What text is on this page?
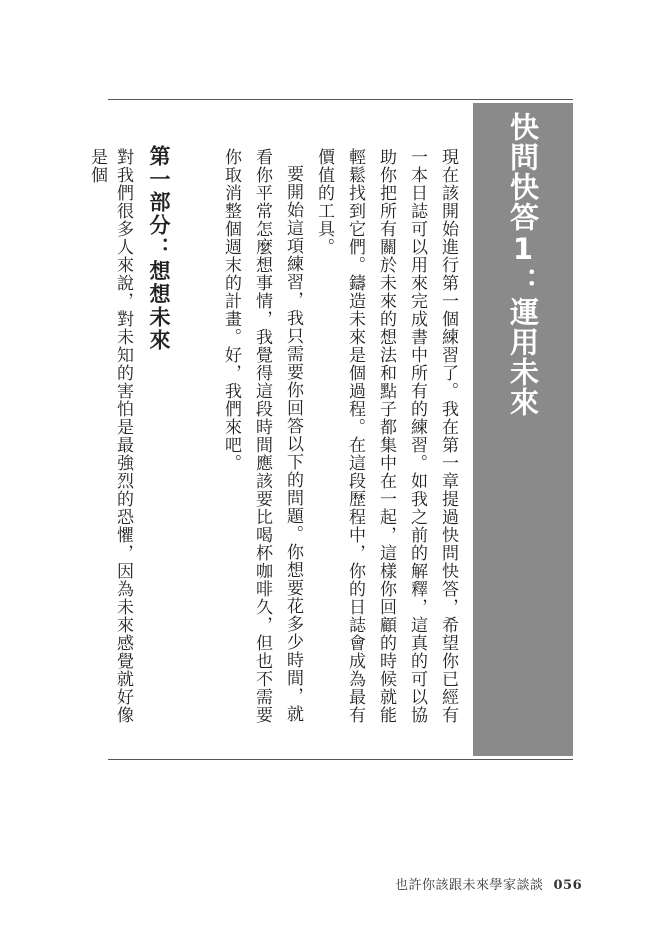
快問快答1：運用未來

現在該開始進行第一個練習了。我在第一章提過快問快答，希望你已經有一本日誌可以用來完成書中所有的練習。如我之前的解釋，這真的可以協助你把所有關於未來的想法和點子都集中在一起，這樣你回顧的時候就能輕鬆找到它們。鑄造未來是個過程。在這段歷程中，你的日誌會成為最有價值的工具。

要開始這項練習，我只需要你回答以下的問題。你想要花多少時間，就看你平常怎麼想事情，我覺得這段時間應該要比喝杯咖啡久，但也不需要你取消整個週末的計畫。好，我們來吧。

第一部分：想想未來

對我們很多人來說，對未知的害怕是最強烈的恐懼，因為未來感覺就好像是個

也許你該跟未來學家談談 056
